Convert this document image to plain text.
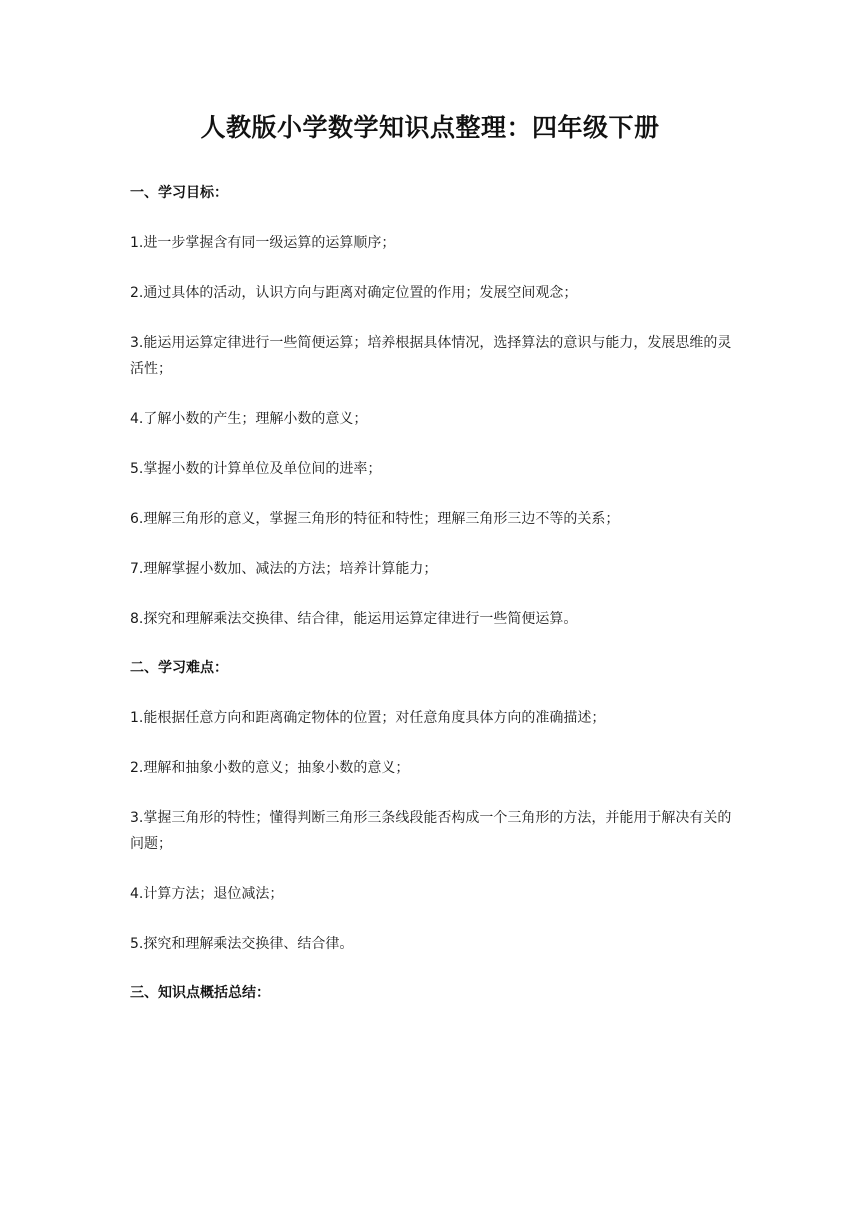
人教版小学数学知识点整理：四年级下册
一、学习目标：
1.进一步掌握含有同一级运算的运算顺序；
2.通过具体的活动，认识方向与距离对确定位置的作用；发展空间观念；
3.能运用运算定律进行一些简便运算；培养根据具体情况，选择算法的意识与能力，发展思维的灵活性；
4.了解小数的产生；理解小数的意义；
5.掌握小数的计算单位及单位间的进率；
6.理解三角形的意义，掌握三角形的特征和特性；理解三角形三边不等的关系；
7.理解掌握小数加、减法的方法；培养计算能力；
8.探究和理解乘法交换律、结合律，能运用运算定律进行一些简便运算。
二、学习难点：
1.能根据任意方向和距离确定物体的位置；对任意角度具体方向的准确描述；
2.理解和抽象小数的意义；抽象小数的意义；
3.掌握三角形的特性；懂得判断三角形三条线段能否构成一个三角形的方法，并能用于解决有关的问题；
4.计算方法；退位减法；
5.探究和理解乘法交换律、结合律。
三、知识点概括总结：
